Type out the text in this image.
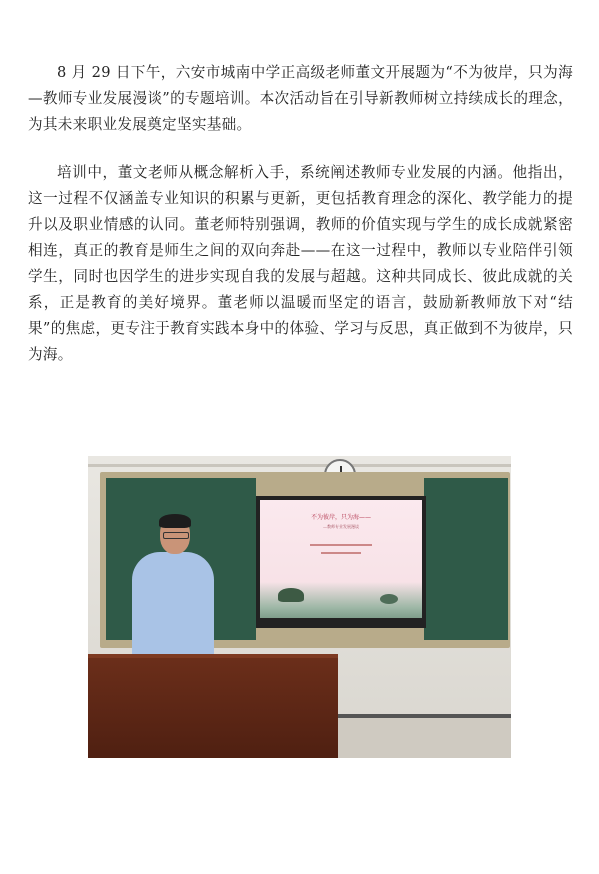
8 月 29 日下午，六安市城南中学正高级老师董文开展题为“不为彼岸，只为海—教师专业发展漫谈”的专题培训。本次活动旨在引导新教师树立持续成长的理念，为其未来职业发展奠定坚实基础。

培训中，董文老师从概念解析入手，系统阐述教师专业发展的内涵。他指出，这一过程不仅涵盖专业知识的积累与更新，更包括教育理念的深化、教学能力的提升以及职业情感的认同。董老师特别强调，教师的价值实现与学生的成长成就紧密相连，真正的教育是师生之间的双向奔赴——在这一过程中，教师以专业陪伴引领学生，同时也因学生的进步实现自我的发展与超越。这种共同成长、彼此成就的关系，正是教育的美好境界。董老师以温暖而坚定的语言，鼓励新教师放下对“结果”的焦虑，更专注于教育实践本身中的体验、学习与反思，真正做到不为彼岸，只为海。

不为彼岸，只为海——
—教师专业发展漫谈
